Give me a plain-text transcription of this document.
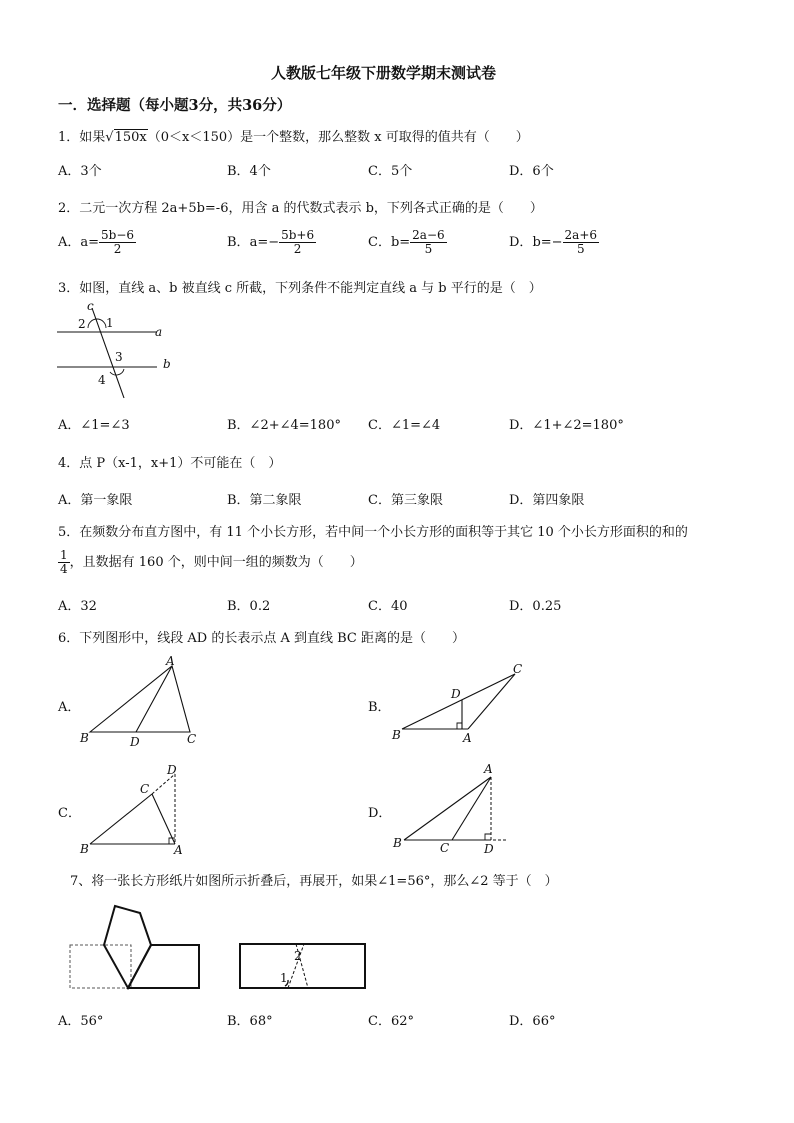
人教版七年级下册数学期末测试卷
一．选择题（每小题3分，共36分）
1．如果√150x（0＜x＜150）是一个整数，那么整数 x 可取得的值共有（　　）
A．3个	B．4个	C．5个	D．6个
2．二元一次方程 2a+5b=-6，用含 a 的代数式表示 b，下列各式正确的是（　　）
A．$a= \frac{5b-6}{2}$	B．$a=- \frac{5b+6}{2}$	C．$b= \frac{2a-6}{5}$	D．$b=- \frac{2a+6}{5}$
3．如图，直线 a、b 被直线 c 所截，下列条件不能判定直线 a 与 b 平行的是（　）
c
a
b
1
2
3
4
A．∠1=∠3	B．∠2+∠4=180° C．∠1=∠4	D．∠1+∠2=180°
4．点 P（x-1，x+1）不可能在（　）
A．第一象限	B．第二象限	C．第三象限	D．第四象限
5．在频数分布直方图中，有 11 个小长方形，若中间一个小长方形的面积等于其它 10 个小长方形面积的和的
$\frac{1}{4}$ ，且数据有 160 个，则中间一组的频数为（　　）
A．32	B．0.2	C．40	D．0.25
6．下列图形中，线段 AD 的长表示点 A 到直线 BC 距离的是（　　）
A．
A
B	D	C
B．
B	A
D
C
C．
B
C
D
A
D．
B	C
A
D
7、将一张长方形纸片如图所示折叠后，再展开，如果∠1=56°，那么∠2 等于（　）
1
2
A．56°	B．68°	C．62°	D．66°
